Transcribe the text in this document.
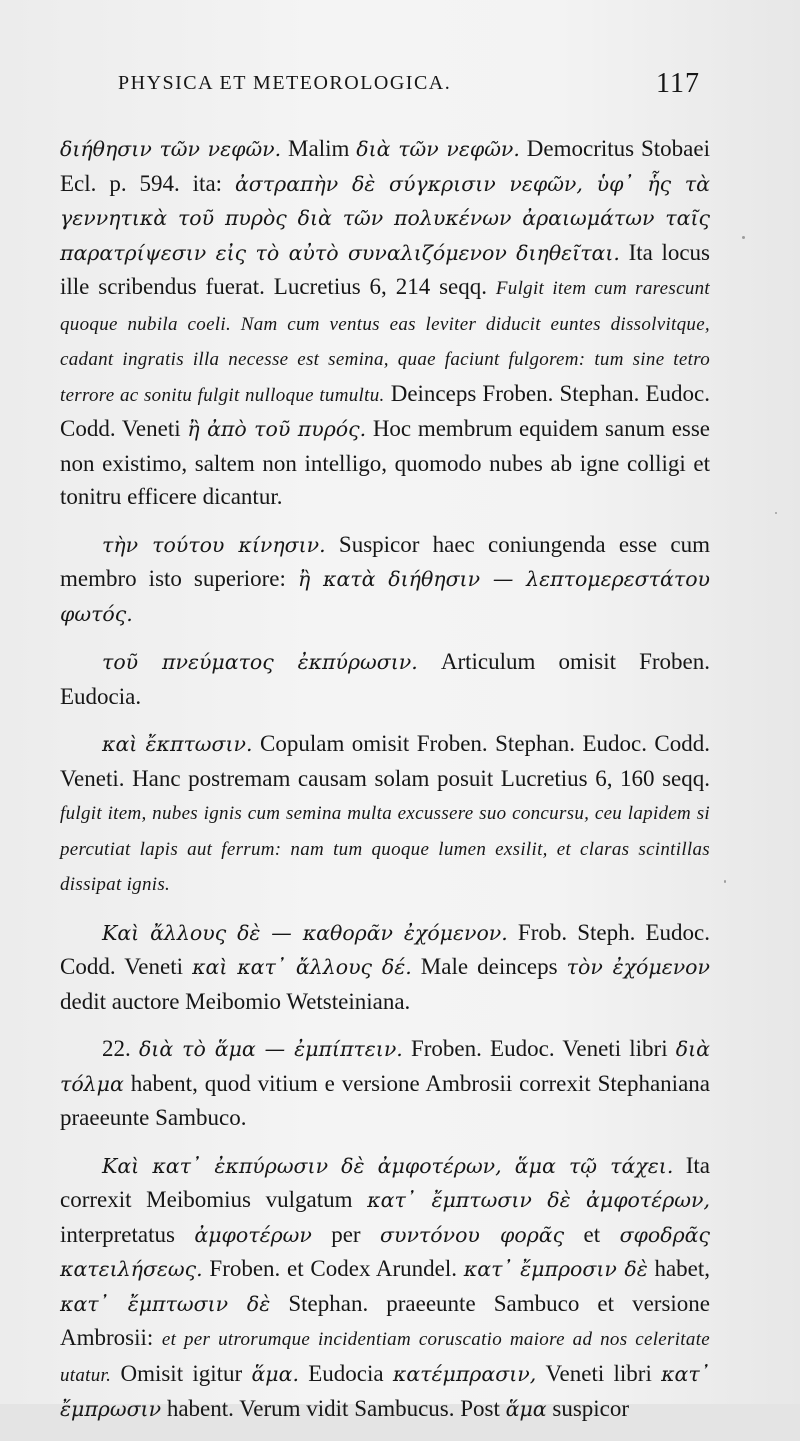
PHYSICA ET METEOROLOGICA.	117

διήθησιν τῶν νεφῶν. Malim διὰ τῶν νεφῶν. Democritus Stobaei Ecl. p. 594. ita: ἀστραπὴν δὲ σύγκρισιν νεφῶν, ὑφ᾿ ἧς τὰ γεννητικὰ τοῦ πυρὸς διὰ τῶν πολυκένων ἀραιωμάτων ταῖς παρατρίψεσιν εἰς τὸ αὐτὸ συναλιζόμενον διηθεῖται. Ita locus ille scribendus fuerat. Lucretius 6, 214 seqq. Fulgit item cum rarescunt quoque nubila coeli. Nam cum ventus eas leviter diducit euntes dissolvitque, cadant ingratis illa necesse est semina, quae faciunt fulgorem: tum sine tetro terrore ac sonitu fulgit nulloque tumultu. Deinceps Froben. Stephan. Eudoc. Codd. Veneti ἢ ἀπὸ τοῦ πυρός. Hoc membrum equidem sanum esse non existimo, saltem non intelligo, quomodo nubes ab igne colligi et tonitru efficere dicantur.

τὴν τούτου κίνησιν. Suspicor haec coniungenda esse cum membro isto superiore: ἢ κατὰ διήθησιν — λεπτομερεστάτου φωτός.

τοῦ πνεύματος ἐκπύρωσιν. Articulum omisit Froben. Eudocia.

καὶ ἔκπτωσιν. Copulam omisit Froben. Stephan. Eudoc. Codd. Veneti. Hanc postremam causam solam posuit Lucretius 6, 160 seqq. fulgit item, nubes ignis cum semina multa excussere suo concursu, ceu lapidem si percutiat lapis aut ferrum: nam tum quoque lumen exsilit, et claras scintillas dissipat ignis.

Καὶ ἄλλους δὲ — καθορᾶν ἐχόμενον. Frob. Steph. Eudoc. Codd. Veneti καὶ κατ᾿ ἄλλους δέ. Male deinceps τὸν ἐχόμενον dedit auctore Meibomio Wetsteiniana.

22. διὰ τὸ ἅμα — ἐμπίπτειν. Froben. Eudoc. Veneti libri διὰ τόλμα habent, quod vitium e versione Ambrosii correxit Stephaniana praeeunte Sambuco.

Καὶ κατ᾿ ἐκπύρωσιν δὲ ἀμφοτέρων, ἅμα τῷ τάχει. Ita correxit Meibomius vulgatum κατ᾿ ἔμπτωσιν δὲ ἀμφοτέρων, interpretatus ἀμφοτέρων per συντόνου φορᾶς et σφοδρᾶς κατειλήσεως. Froben. et Codex Arundel. κατ᾿ ἔμπροσιν δὲ habet, κατ᾿ ἔμπτωσιν δὲ Stephan. praeeunte Sambuco et versione Ambrosii: et per utrorumque incidentiam coruscatio maiore ad nos celeritate utatur. Omisit igitur ἅμα. Eudocia κατέμπρασιν, Veneti libri κατ᾿ ἔμπρωσιν habent. Verum vidit Sambucus. Post ἅμα suspicor
